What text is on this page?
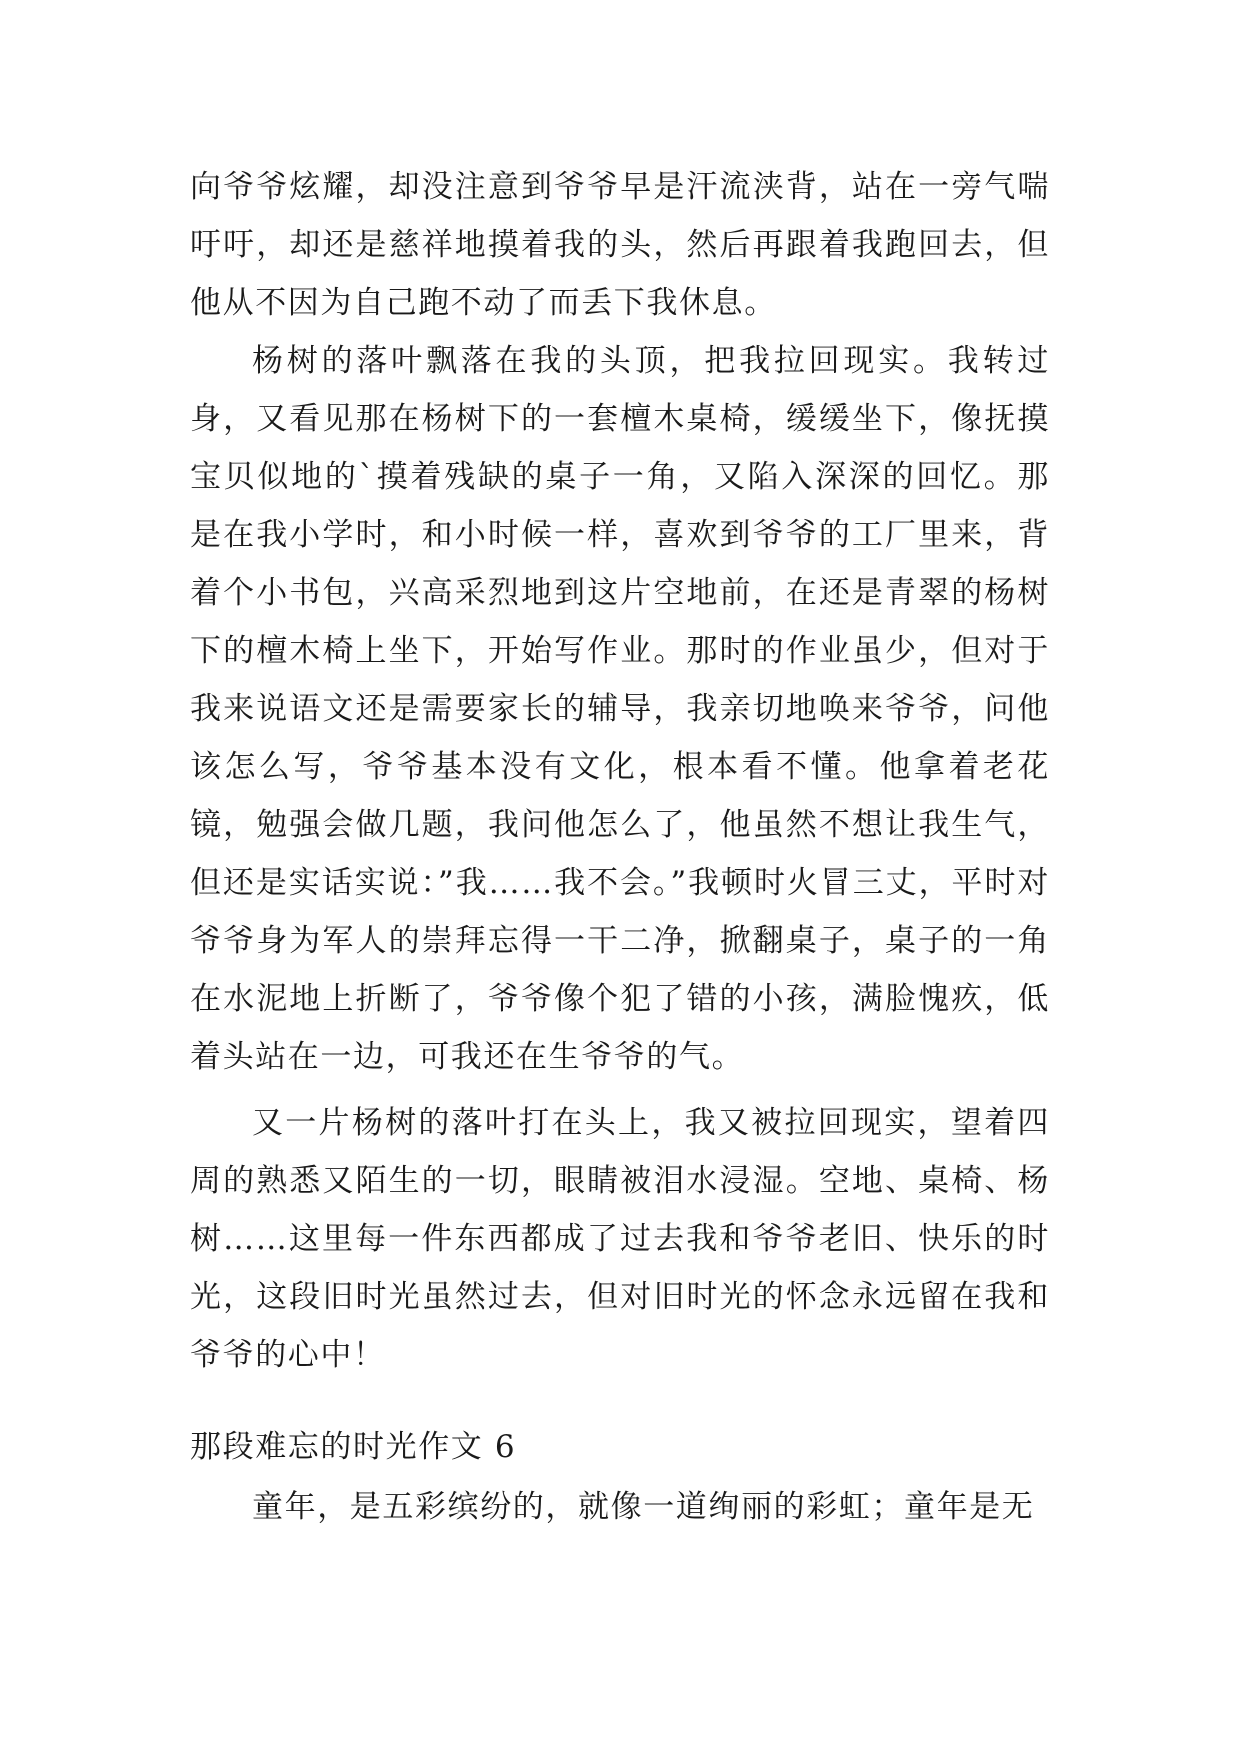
向爷爷炫耀，却没注意到爷爷早是汗流浃背，站在一旁气喘吁吁，却还是慈祥地摸着我的头，然后再跟着我跑回去，但他从不因为自己跑不动了而丢下我休息。

杨树的落叶飘落在我的头顶，把我拉回现实。我转过身，又看见那在杨树下的一套檀木桌椅，缓缓坐下，像抚摸宝贝似地的`摸着残缺的桌子一角，又陷入深深的回忆。那是在我小学时，和小时候一样，喜欢到爷爷的工厂里来，背着个小书包，兴高采烈地到这片空地前，在还是青翠的杨树下的檀木椅上坐下，开始写作业。那时的作业虽少，但对于我来说语文还是需要家长的辅导，我亲切地唤来爷爷，问他该怎么写，爷爷基本没有文化，根本看不懂。他拿着老花镜，勉强会做几题，我问他怎么了，他虽然不想让我生气，但还是实话实说：”我……我不会。”我顿时火冒三丈，平时对爷爷身为军人的崇拜忘得一干二净，掀翻桌子，桌子的一角在水泥地上折断了，爷爷像个犯了错的小孩，满脸愧疚，低着头站在一边，可我还在生爷爷的气。

又一片杨树的落叶打在头上，我又被拉回现实，望着四周的熟悉又陌生的一切，眼睛被泪水浸湿。空地、桌椅、杨树……这里每一件东西都成了过去我和爷爷老旧、快乐的时光，这段旧时光虽然过去，但对旧时光的怀念永远留在我和爷爷的心中！

那段难忘的时光作文 6

童年，是五彩缤纷的，就像一道绚丽的彩虹；童年是无
